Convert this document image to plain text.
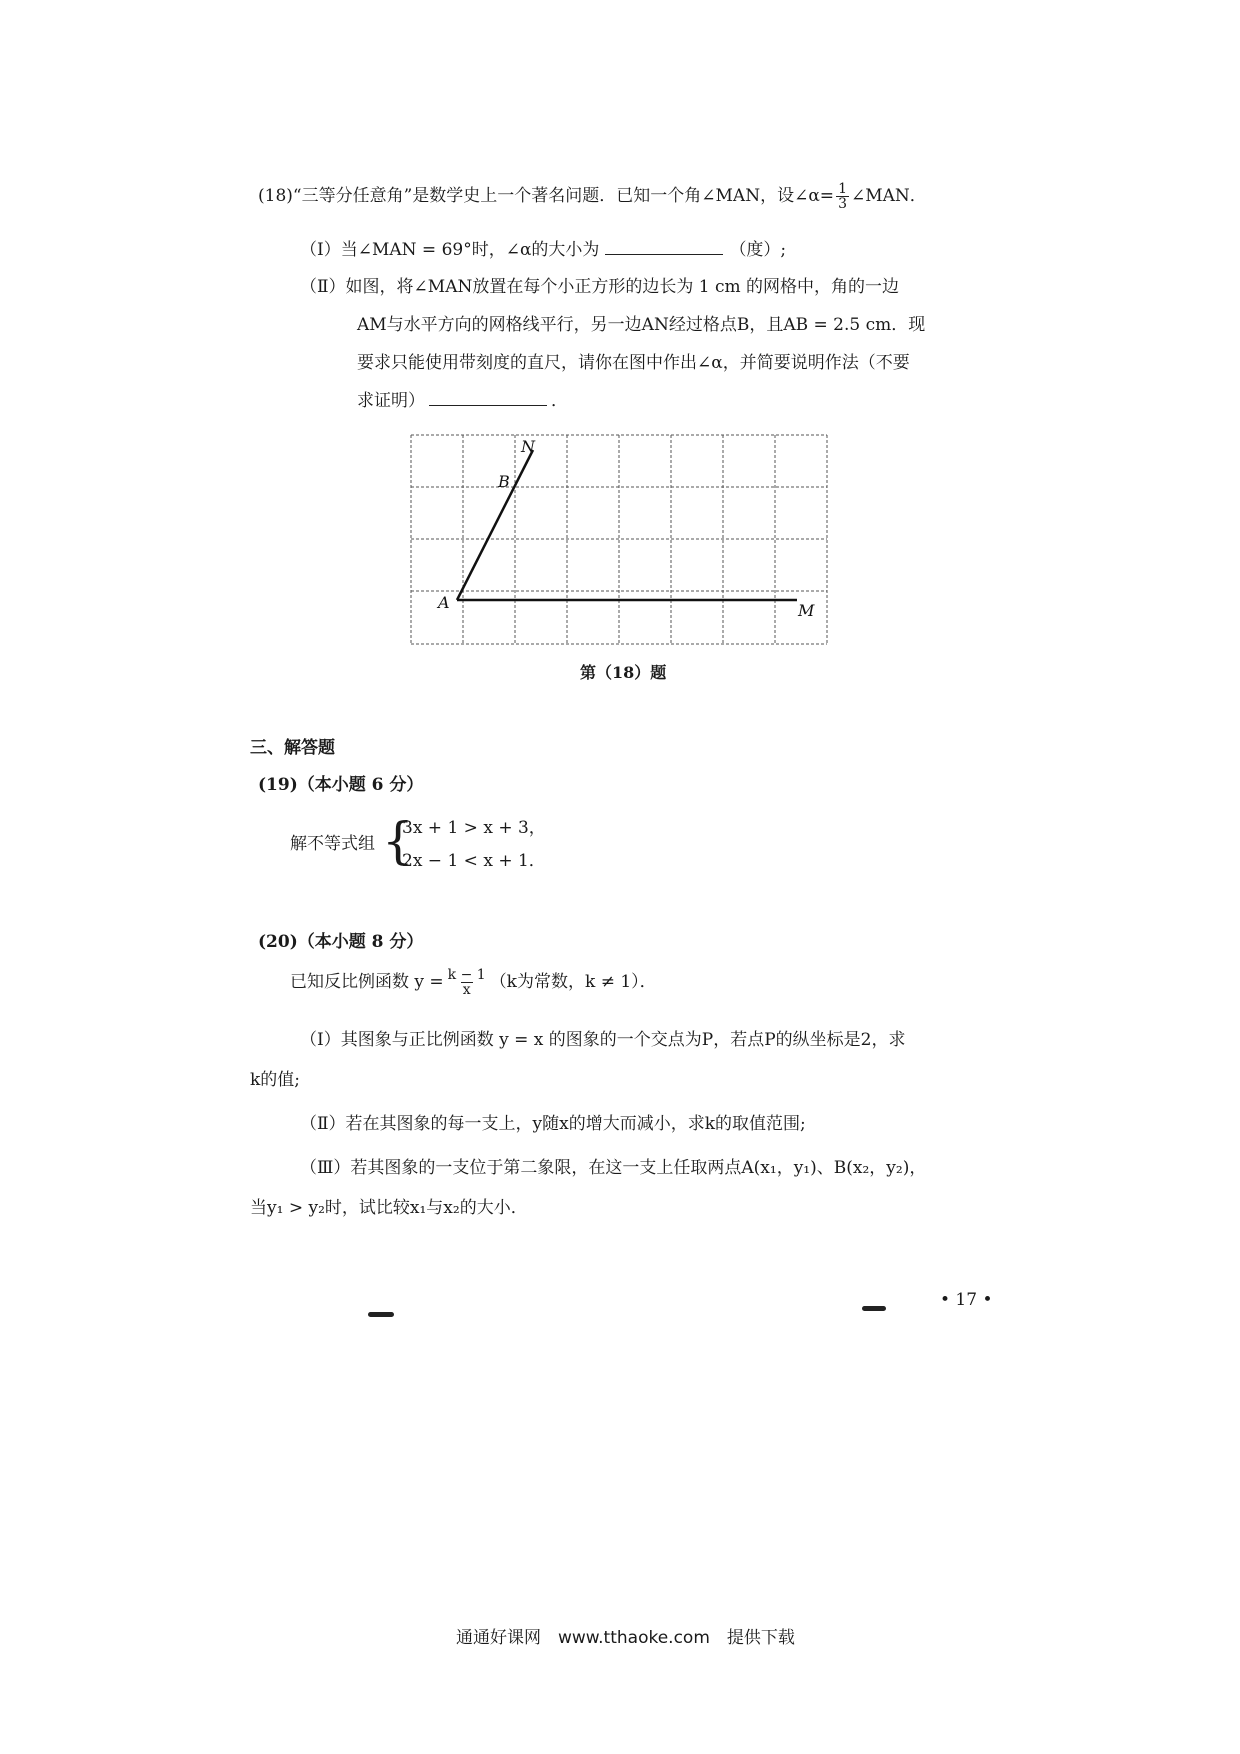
(18)“三等分任意角”是数学史上一个著名问题．已知一个角∠MAN，设∠α= $\frac{1}{3}$ ∠MAN．
（Ⅰ）当∠MAN = 69°时，∠α的大小为	（度）;
（Ⅱ）如图，将∠MAN放置在每个小正方形的边长为 1 cm 的网格中，角的一边
AM与水平方向的网格线平行，另一边AN经过格点B，且AB = 2.5 cm．现
要求只能使用带刻度的直尺，请你在图中作出∠α，并简要说明作法（不要
求证明）	．
N
B
A	M
第（18）题
三、解答题
(19)（本小题 6 分）
解不等式组 {
3x + 1 > x + 3，
2x − 1 < x + 1．
(20)（本小题 8 分）
已知反比例函数 $y = \frac{k - 1}{x} (k$为常数，k ≠ 1）．
（Ⅰ）其图象与正比例函数 y = x 的图象的一个交点为P，若点P的纵坐标是2，求
k的值;
（Ⅱ）若在其图象的每一支上，y随x的增大而减小，求k的取值范围;
（Ⅲ）若其图象的一支位于第二象限，在这一支上任取两点A(x₁，y₁)、B(x₂，y₂)，
当y₁ > y₂时，试比较x₁与x₂的大小．
• 17 •
通通好课网　www.tthaoke.com　提供下载
